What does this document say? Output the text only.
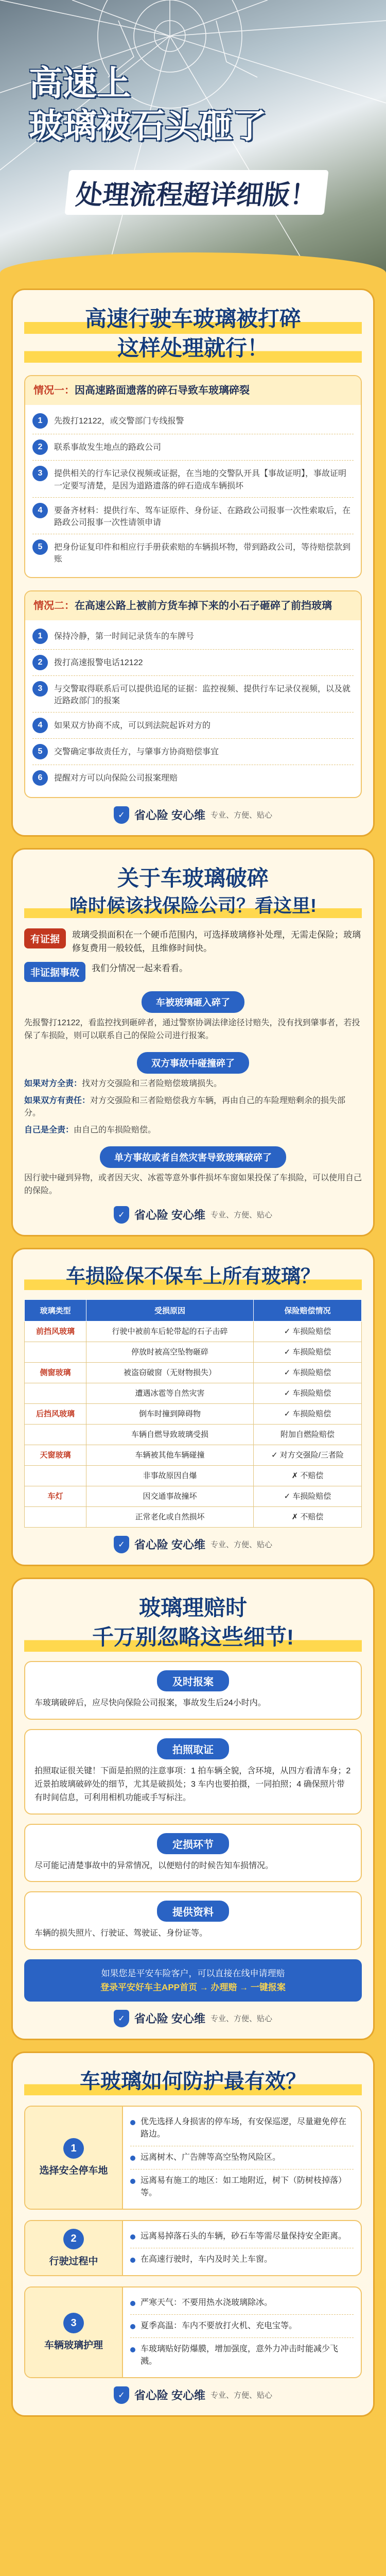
高速上
玻璃被石头砸了
处理流程超详细版！
高速行驶车玻璃被打碎
这样处理就行！
情况一：因高速路面遗落的碎石导致车玻璃碎裂
1	先拨打12122，或交警部门专线报警
2	联系事故发生地点的路政公司
3	提供相关的行车记录仪视频或证据，在当地的交警队开具【事故证明】，事故证明一定要写清楚，是因为道路遗落的碎石造成车辆损坏
4	要备齐材料：提供行车、驾车证原件、身份证、在路政公司报事一次性索取后，在路政公司报事一次性请领申请
5	把身份证复印件和相应行手册获索赔的车辆损坏物，带到路政公司，等待赔偿款到账
情况二：在高速公路上被前方货车掉下来的小石子砸碎了前挡玻璃
1	保持冷静，第一时间记录货车的车牌号
2	拨打高速报警电话12122
3	与交警取得联系后可以提供追尾的证据：监控视频、提供行车记录仪视频，以及就近路政部门的报案
4	如果双方协商不成，可以到法院起诉对方的
5	交警确定事故责任方，与肇事方协商赔偿事宜
6	提醒对方可以向保险公司报案理赔
✓ 省心险 安心维 专业、方便、贴心
关于车玻璃破碎
啥时候该找保险公司？看这里!
有证据	玻璃受损面积在一个硬币范围内，可选择玻璃修补处理，无需走保险；玻璃修复费用一般较低，且维修时间快。
非证据事故	我们分情况一起来看看。
车被玻璃砸入碎了
先报警打12122，看监控找到砸碎者，通过警察协调法律途径讨赔失，没有找到肇事者，若投保了车损险，则可以联系自己的保险公司进行报案。
双方事故中碰撞碎了
如果对方全责：找对方交强险和三者险赔偿玻璃损失。
如果双方有责任：对方交强险和三者险赔偿我方车辆，再由自己的车险理赔剩余的损失部分。
自己是全责：由自己的车损险赔偿。
单方事故或者自然灾害导致玻璃破碎了
因行驶中碰到异物，或者因天灾、冰雹等意外事件损坏车窗如果投保了车损险，可以使用自己的保险。
✓ 省心险 安心维 专业、方便、贴心
车损险保不保车上所有玻璃？
玻璃类型	受损原因	保险赔偿情况
前挡风玻璃	行驶中被前车后轮带起的石子击碎	✓ 车损险赔偿
	停放时被高空坠物砸碎	✓ 车损险赔偿
侧窗玻璃	被盗窃破窗（无财物损失）	✓ 车损险赔偿
	遭遇冰雹等自然灾害	✓ 车损险赔偿
后挡风玻璃	倒车时撞到障碍物	✓ 车损险赔偿
	车辆自燃导致玻璃受损	附加自燃险赔偿
天窗玻璃	车辆被其他车辆碰撞	✓ 对方交强险/三者险
	非事故原因自爆	✗ 不赔偿
车灯	因交通事故撞坏	✓ 车损险赔偿
	正常老化或自然损坏	✗ 不赔偿
✓ 省心险 安心维 专业、方便、贴心
玻璃理赔时
千万别忽略这些细节!
及时报案
车玻璃破碎后，应尽快向保险公司报案，事故发生后24小时内。
拍照取证
拍照取证很关键！下面是拍照的注意事项：1 拍车辆全貌，含环境，从四方看清车身；2 近景拍玻璃破碎处的细节，尤其是破损处；3 车内也要拍摄，一同拍照；4 确保照片带有时间信息，可利用相机功能或手写标注。
定损环节
尽可能记清楚事故中的异常情况，以便赔付的时候告知车损情况。
提供资料
车辆的损失照片、行驶证、驾驶证、身份证等。
如果您是平安车险客户，可以直接在线申请理赔
登录平安好车主APP首页 → 办理赔 → 一键报案
✓ 省心险 安心维 专业、方便、贴心
车玻璃如何防护最有效？
1
选择安全停车地
优先选择人身损害的停车场，有安保巡逻，尽量避免停在路边。
远离树木、广告牌等高空坠物风险区。
远离易有施工的地区：如工地附近，树下（防树枝掉落）等。
2
行驶过程中
远离易掉落石头的车辆，砂石车等需尽量保持安全距离。
在高速行驶时，车内及时关上车窗。
3
车辆玻璃护理
严寒天气：不要用热水浇玻璃除冰。
夏季高温：车内不要放打火机、充电宝等。
车玻璃贴好防爆膜，增加强度，意外力冲击时能减少飞溅。
✓ 省心险 安心维 专业、方便、贴心
